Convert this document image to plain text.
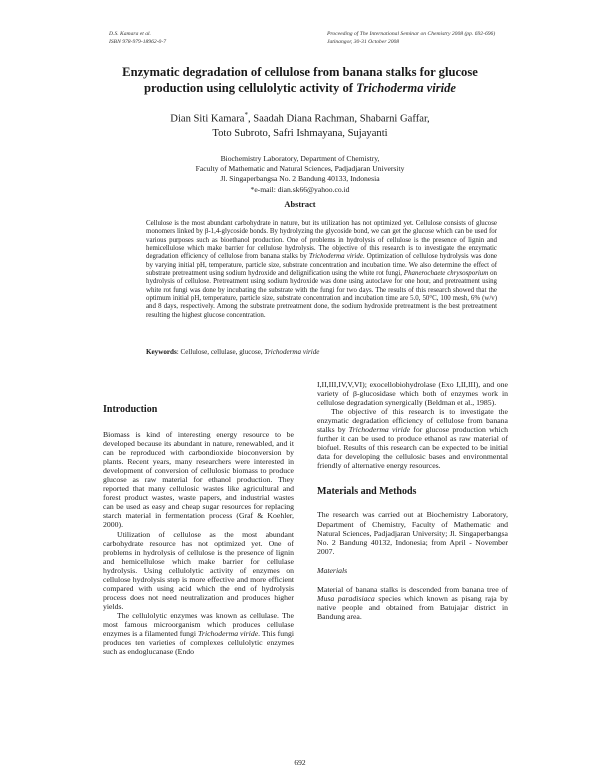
D.S. Kamara et al.
ISBN 978-979-18962-0-7
Proceeding of The International Seminar on Chemistry 2008 (pp. 692-696)
Jatinangor, 30-31 October 2008
Enzymatic degradation of cellulose from banana stalks for glucose
production using cellulolytic activity of Trichoderma viride
Dian Siti Kamara*, Saadah Diana Rachman, Shabarni Gaffar,
Toto Subroto, Safri Ishmayana, Sujayanti
Biochemistry Laboratory, Department of Chemistry,
Faculty of Mathematic and Natural Sciences, Padjadjaran University
Jl. Singaperbangsa No. 2 Bandung 40133, Indonesia
*e-mail: dian.sk66@yahoo.co.id
Abstract
Cellulose is the most abundant carbohydrate in nature, but its utilization has not optimized yet. Cellulose consists of glucose monomers linked by β-1,4-glycoside bonds. By hydrolyzing the glycoside bond, we can get the glucose which can be used for various purposes such as bioethanol production. One of problems in hydrolysis of cellulose is the presence of lignin and hemicellulose which make barrier for cellulose hydrolysis. The objective of this research is to investigate the enzymatic degradation efficiency of cellulose from banana stalks by Trichoderma viride. Optimization of cellulose hydrolysis was done by varying initial pH, temperature, particle size, substrate concentration and incubation time. We also determine the effect of substrate pretreatment using sodium hydroxide and delignification using the white rot fungi, Phanerochaete chrysosporium on hydrolysis of cellulose. Pretreatment using sodium hydroxide was done using autoclave for one hour, and pretreatment using white rot fungi was done by incubating the substrate with the fungi for two days. The results of this research showed that the optimum initial pH, temperature, particle size, substrate concentration and incubation time are 5.0, 50°C, 100 mesh, 6% (w/v) and 8 days, respectively. Among the substrate pretreatment done, the sodium hydroxide pretreatment is the best pretreatment resulting the highest glucose concentration.
Keywords: Cellulose, cellulase, glucose, Trichoderma viride

Introduction

Biomass is kind of interesting energy resource to be developed because its abundant in nature, renewabled, and it can be reproduced with carbondioxide bioconversion by plants. Recent years, many researchers were interested in development of conversion of cellulosic biomass to produce glucose as raw material for ethanol production. They reported that many cellulosic wastes like agricultural and forest product wastes, waste papers, and industrial wastes can be used as easy and cheap sugar resources for replacing starch material in fermentation process (Graf & Koehler, 2000).

Utilization of cellulose as the most abundant carbohydrate resource has not optimized yet. One of problems in hydrolysis of cellulose is the presence of lignin and hemicellulose which make barrier for cellulase hydrolysis. Using cellulolytic activity of enzymes on cellulose hydrolysis step is more effective and more efficient compared with using acid which the end of hydrolysis process does not need neutralization and produces higher yields.

The cellulolytic enzymes was known as cellulase. The most famous microorganism which produces cellulase enzymes is a filamented fungi Trichoderma viride. This fungi produces ten varieties of complexes cellulolytic enzymes such as endoglucanase (Endo

I,II,III,IV,V,VI); exocellobiohydrolase (Exo I,II,III), and one variety of β-glucosidase which both of enzymes work in cellulose degradation synergically (Beldman et al., 1985).

The objective of this research is to investigate the enzymatic degradation efficiency of cellulose from banana stalks by Trichoderma viride for glucose production which further it can be used to produce ethanol as raw material of biofuel. Results of this research can be expected to be initial data for developing the cellulosic bases and environmental friendly of alternative energy resources.

Materials and Methods

The research was carried out at Biochemistry Laboratory, Department of Chemistry, Faculty of Mathematic and Natural Sciences, Padjadjaran University; Jl. Singaperbangsa No. 2 Bandung 40132, Indonesia; from April - November 2007.

Materials

Material of banana stalks is descended from banana tree of Musa paradisiaca species which known as pisang raja by native people and obtained from Batujajar district in Bandung area.

692
